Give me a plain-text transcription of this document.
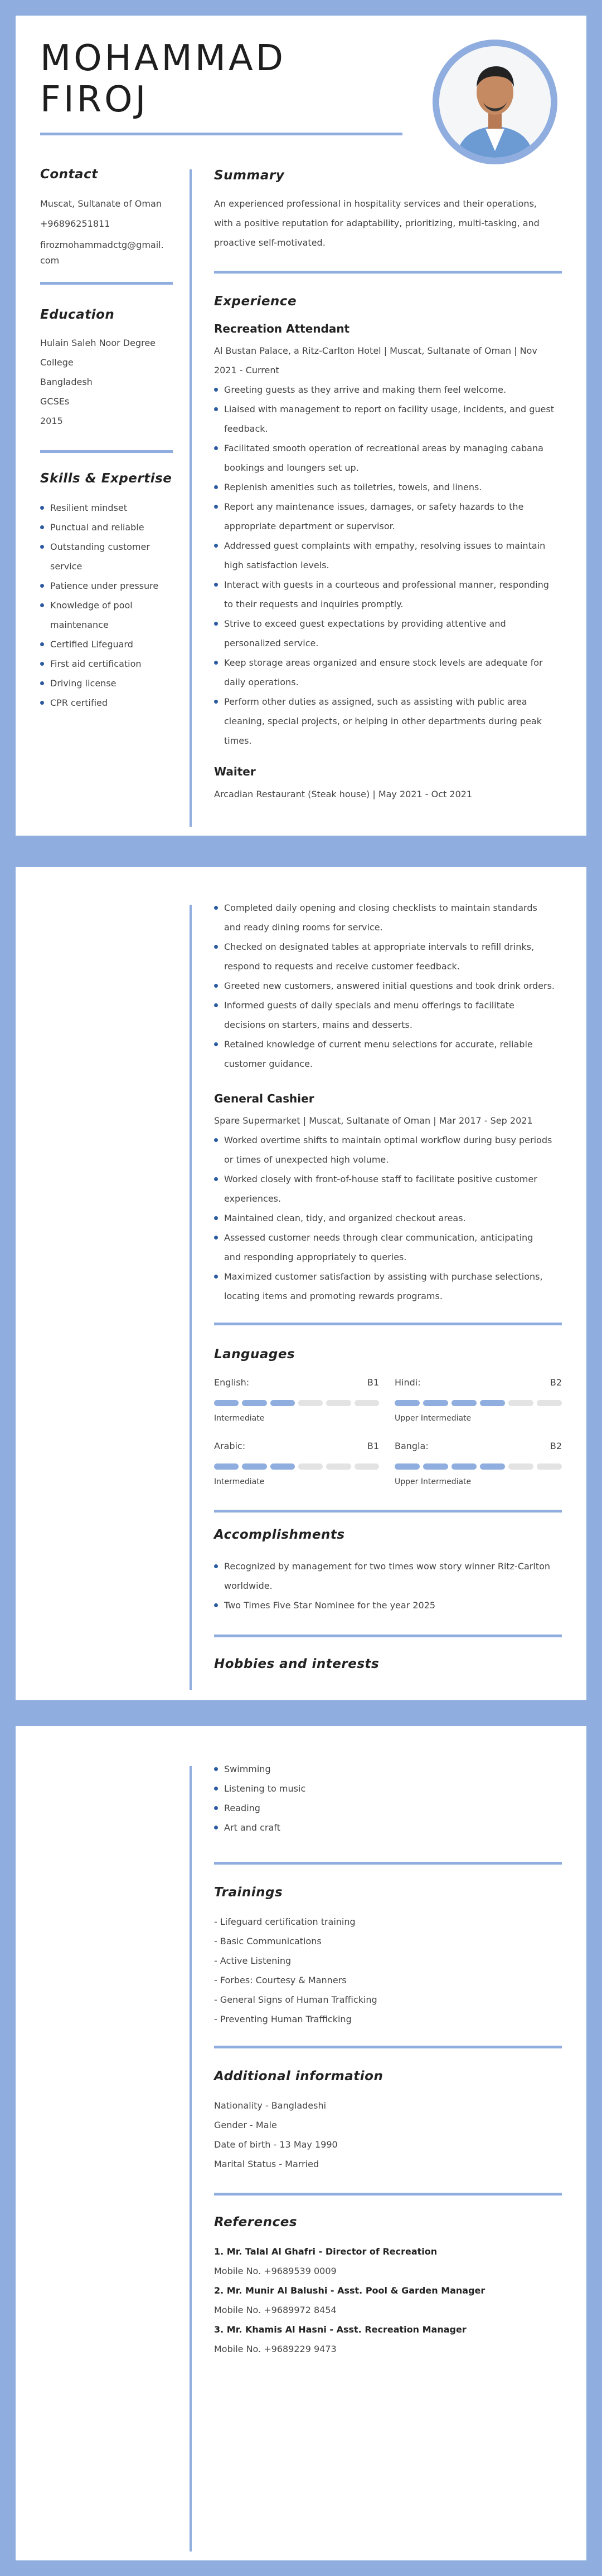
MOHAMMAD
FIROJ
Contact
Muscat, Sultanate of Oman
+96896251811
firozmohammadctg@gmail.
com
Education
Hulain Saleh Noor Degree
College
Bangladesh
GCSEs
2015
Skills & Expertise
Resilient mindset
Punctual and reliable
Outstanding customer
service
Patience under pressure
Knowledge of pool
maintenance
Certified Lifeguard
First aid certification
Driving license
CPR certified
Summary
An experienced professional in hospitality services and their operations,
with a positive reputation for adaptability, prioritizing, multi-tasking, and
proactive self-motivated.
Experience
Recreation Attendant
Al Bustan Palace, a Ritz-Carlton Hotel | Muscat, Sultanate of Oman | Nov
2021 - Current
Greeting guests as they arrive and making them feel welcome.
Liaised with management to report on facility usage, incidents, and guest
feedback.
Facilitated smooth operation of recreational areas by managing cabana
bookings and loungers set up.
Replenish amenities such as toiletries, towels, and linens.
Report any maintenance issues, damages, or safety hazards to the
appropriate department or supervisor.
Addressed guest complaints with empathy, resolving issues to maintain
high satisfaction levels.
Interact with guests in a courteous and professional manner, responding
to their requests and inquiries promptly.
Strive to exceed guest expectations by providing attentive and
personalized service.
Keep storage areas organized and ensure stock levels are adequate for
daily operations.
Perform other duties as assigned, such as assisting with public area
cleaning, special projects, or helping in other departments during peak
times.
Waiter
Arcadian Restaurant (Steak house) | May 2021 - Oct 2021
Completed daily opening and closing checklists to maintain standards
and ready dining rooms for service.
Checked on designated tables at appropriate intervals to refill drinks,
respond to requests and receive customer feedback.
Greeted new customers, answered initial questions and took drink orders.
Informed guests of daily specials and menu offerings to facilitate
decisions on starters, mains and desserts.
Retained knowledge of current menu selections for accurate, reliable
customer guidance.
General Cashier
Spare Supermarket | Muscat, Sultanate of Oman | Mar 2017 - Sep 2021
Worked overtime shifts to maintain optimal workflow during busy periods
or times of unexpected high volume.
Worked closely with front-of-house staff to facilitate positive customer
experiences.
Maintained clean, tidy, and organized checkout areas.
Assessed customer needs through clear communication, anticipating
and responding appropriately to queries.
Maximized customer satisfaction by assisting with purchase selections,
locating items and promoting rewards programs.
Languages
English:	B1
Intermediate
Hindi:	B2
Upper Intermediate
Arabic:	B1
Intermediate
Bangla:	B2
Upper Intermediate
Accomplishments
Recognized by management for two times wow story winner Ritz-Carlton
worldwide.
Two Times Five Star Nominee for the year 2025
Hobbies and interests
Swimming
Listening to music
Reading
Art and craft
Trainings
- Lifeguard certification training
- Basic Communications
- Active Listening
- Forbes: Courtesy & Manners
- General Signs of Human Trafficking
- Preventing Human Trafficking
Additional information
Nationality - Bangladeshi
Gender - Male
Date of birth - 13 May 1990
Marital Status - Married
References
1. Mr. Talal Al Ghafri - Director of Recreation
Mobile No. +9689539 0009
2. Mr. Munir Al Balushi - Asst. Pool & Garden Manager
Mobile No. +9689972 8454
3. Mr. Khamis Al Hasni - Asst. Recreation Manager
Mobile No. +9689229 9473
